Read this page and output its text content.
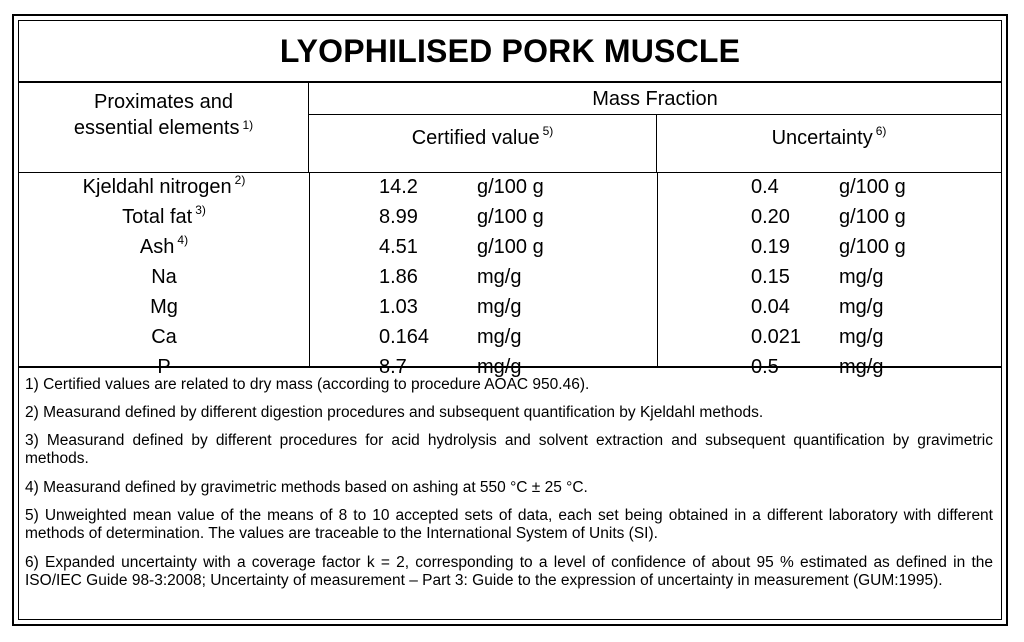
LYOPHILISED PORK MUSCLE
Proximates and
essential elements $^{1)}$
Mass Fraction
Certified value $^{5)}$	Uncertainty $^{6)}$
Kjeldahl nitrogen $^{2)}$	14.2	g/100 g	0.4	g/100 g
Total fat $^{3)}$	8.99	g/100 g	0.20 g/100 g
Ash $^{4)}$	4.51	g/100 g	0.19 g/100 g
Na	1.86	mg/g	0.15 mg/g
Mg	1.03	mg/g	0.04 mg/g
Ca	0.164	mg/g	0.021 mg/g
P	8.7	mg/g	0.5	mg/g
1) Certified values are related to dry mass (according to procedure AOAC 950.46).
2) Measurand defined by different digestion procedures and subsequent quantification by Kjeldahl methods.
3) Measurand defined by different procedures for acid hydrolysis and solvent extraction and subsequent quantification by gravimetric methods.
4) Measurand defined by gravimetric methods based on ashing at 550 °C ± 25 °C.
5) Unweighted mean value of the means of 8 to 10 accepted sets of data, each set being obtained in a different laboratory with different methods of determination. The values are traceable to the International System of Units (SI).
6) Expanded uncertainty with a coverage factor k = 2, corresponding to a level of confidence of about 95 % estimated as defined in the ISO/IEC Guide 98-3:2008; Uncertainty of measurement – Part 3: Guide to the expression of uncertainty in measurement (GUM:1995).
